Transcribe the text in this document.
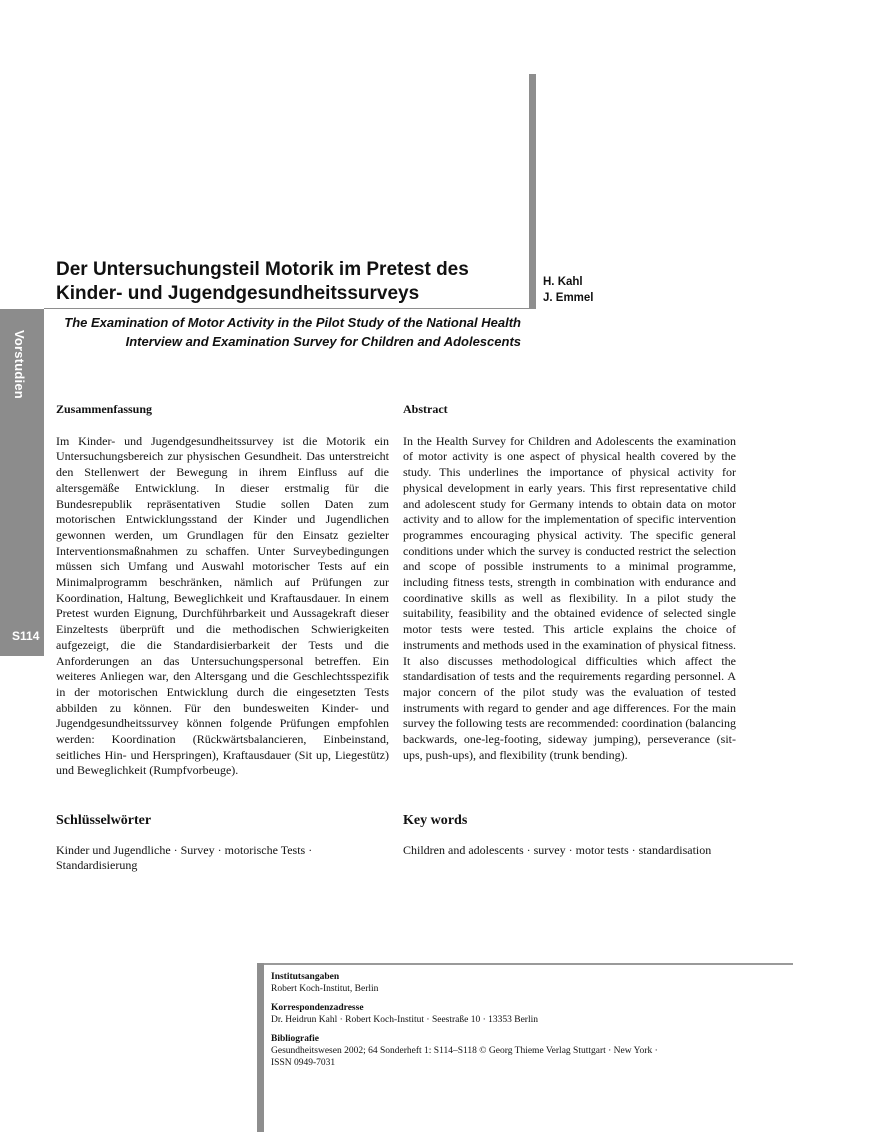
Vorstudien
S114
Der Untersuchungsteil Motorik im Pretest des Kinder- und Jugendgesundheitssurveys
H. Kahl
J. Emmel
The Examination of Motor Activity in the Pilot Study of the National Health Interview and Examination Survey for Children and Adolescents
Zusammenfassung

Im Kinder- und Jugendgesundheitssurvey ist die Motorik ein Untersuchungsbereich zur physischen Gesundheit. Das unterstreicht den Stellenwert der Bewegung in ihrem Einfluss auf die altersgemäße Entwicklung. In dieser erstmalig für die Bundesrepublik repräsentativen Studie sollen Daten zum motorischen Entwicklungsstand der Kinder und Jugendlichen gewonnen werden, um Grundlagen für den Einsatz gezielter Interventionsmaßnahmen zu schaffen. Unter Surveybedingungen müssen sich Umfang und Auswahl motorischer Tests auf ein Minimalprogramm beschränken, nämlich auf Prüfungen zur Koordination, Haltung, Beweglichkeit und Kraftausdauer. In einem Pretest wurden Eignung, Durchführbarkeit und Aussagekraft dieser Einzeltests überprüft und die methodischen Schwierigkeiten aufgezeigt, die die Standardisierbarkeit der Tests und die Anforderungen an das Untersuchungspersonal betreffen. Ein weiteres Anliegen war, den Altersgang und die Geschlechtsspezifik in der motorischen Entwicklung durch die eingesetzten Tests abbilden zu können. Für den bundesweiten Kinder- und Jugendgesundheitssurvey können folgende Prüfungen empfohlen werden: Koordination (Rückwärtsbalancieren, Einbeinstand, seitliches Hin- und Herspringen), Kraftausdauer (Sit up, Liegestütz) und Beweglichkeit (Rumpfvorbeuge).

Abstract

In the Health Survey for Children and Adolescents the examination of motor activity is one aspect of physical health covered by the study. This underlines the importance of physical activity for physical development in early years. This first representative child and adolescent study for Germany intends to obtain data on motor activity and to allow for the implementation of specific intervention programmes encouraging physical activity. The specific general conditions under which the survey is conducted restrict the selection and scope of possible instruments to a minimal programme, including fitness tests, strength in combination with endurance and coordinative skills as well as flexibility. In a pilot study the suitability, feasibility and the obtained evidence of selected single motor tests were tested. This article explains the choice of instruments and methods used in the examination of physical fitness. It also discusses methodological difficulties which affect the standardisation of tests and the requirements regarding personnel. A major concern of the pilot study was the evaluation of tested instruments with regard to gender and age differences. For the main survey the following tests are recommended: coordination (balancing backwards, one-leg-footing, sideway jumping), perseverance (sit-ups, push-ups), and flexibility (trunk bending).

Schlüsselwörter
Kinder und Jugendliche · Survey · motorische Tests · Standardisierung
Key words
Children and adolescents · survey · motor tests · standardisation
Institutsangaben
Robert Koch-Institut, Berlin
Korrespondenzadresse
Dr. Heidrun Kahl · Robert Koch-Institut · Seestraße 10 · 13353 Berlin
Bibliografie
Gesundheitswesen 2002; 64 Sonderheft 1: S114–S118 © Georg Thieme Verlag Stuttgart · New York ·
ISSN 0949-7031
